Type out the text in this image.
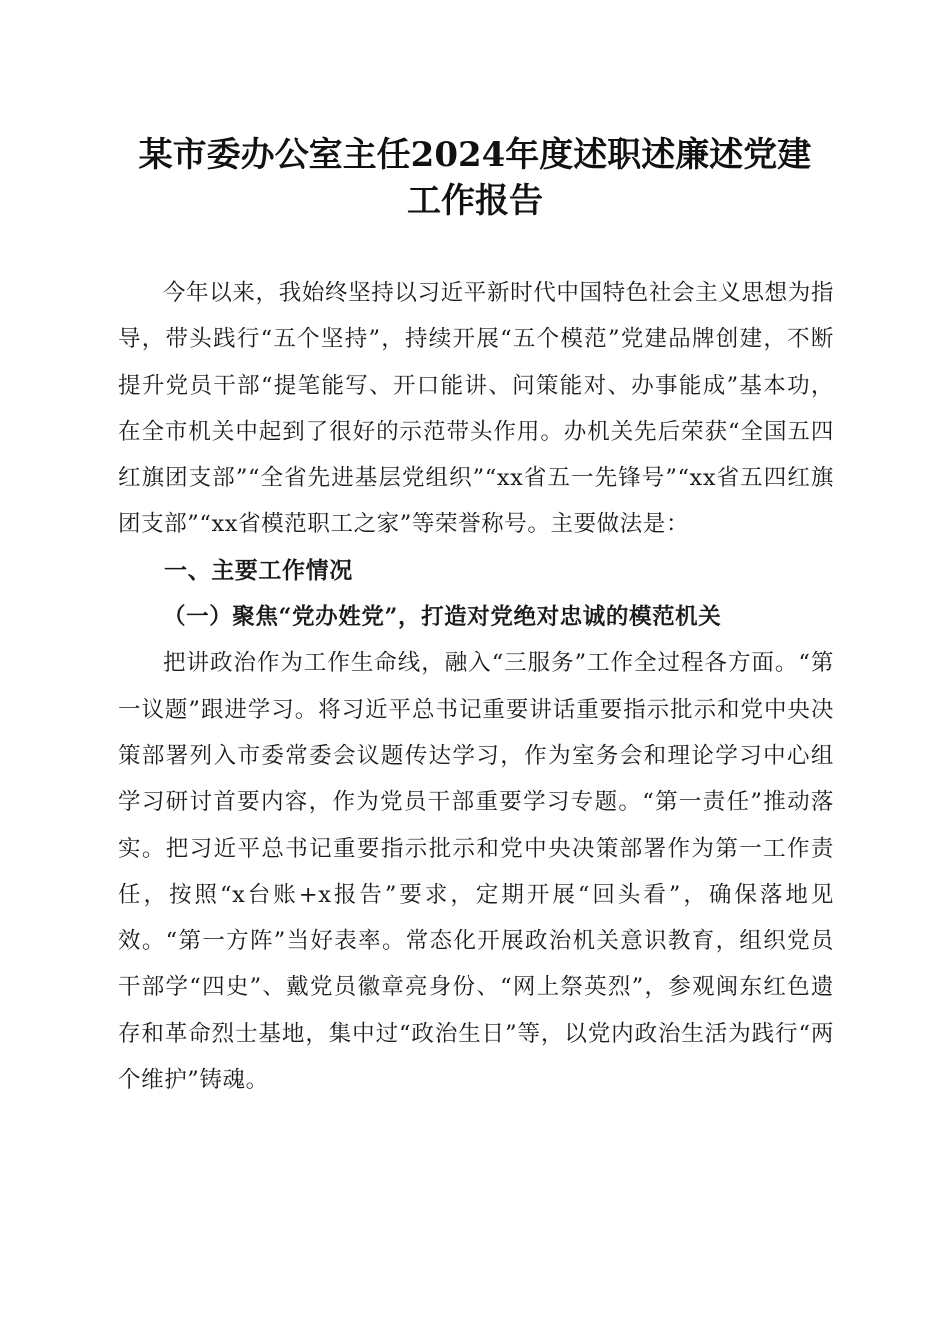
某市委办公室主任2024年度述职述廉述党建
工作报告

今年以来，我始终坚持以习近平新时代中国特色社会主义思想为指导，带头践行“五个坚持”，持续开展“五个模范”党建品牌创建，不断提升党员干部“提笔能写、开口能讲、问策能对、办事能成”基本功，在全市机关中起到了很好的示范带头作用。办机关先后荣获“全国五四红旗团支部”“全省先进基层党组织”“xx省五一先锋号”“xx省五四红旗团支部”“xx省模范职工之家”等荣誉称号。主要做法是：

一、主要工作情况

（一）聚焦“党办姓党”，打造对党绝对忠诚的模范机关

把讲政治作为工作生命线，融入“三服务”工作全过程各方面。“第一议题”跟进学习。将习近平总书记重要讲话重要指示批示和党中央决策部署列入市委常委会议题传达学习，作为室务会和理论学习中心组学习研讨首要内容，作为党员干部重要学习专题。“第一责任”推动落实。把习近平总书记重要指示批示和党中央决策部署作为第一工作责任，按照“x台账+x报告”要求，定期开展“回头看”，确保落地见效。“第一方阵”当好表率。常态化开展政治机关意识教育，组织党员干部学“四史”、戴党员徽章亮身份、“网上祭英烈”，参观闽东红色遗存和革命烈士基地，集中过“政治生日”等，以党内政治生活为践行“两个维护”铸魂。
